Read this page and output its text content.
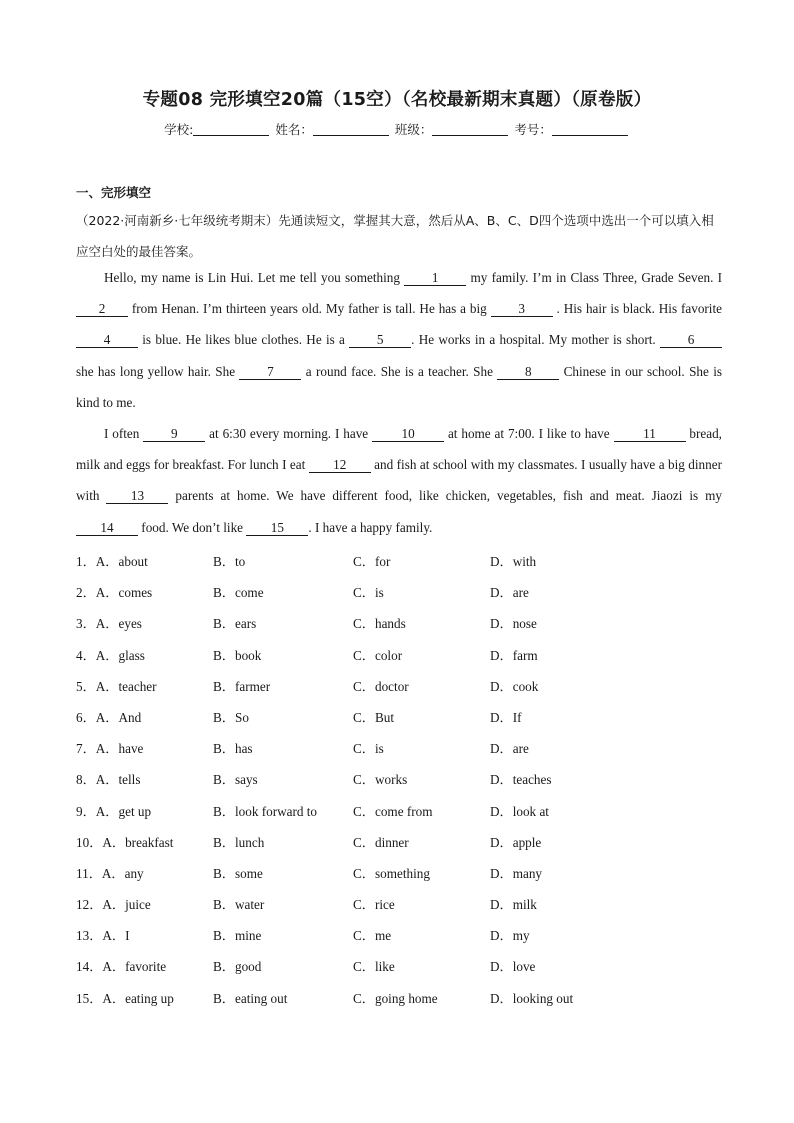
专题08 完形填空20篇（15空）（名校最新期末真题）（原卷版）
学校:	姓名：	班级：	考号：
一、完形填空
（2022·河南新乡·七年级统考期末）先通读短文，掌握其大意，然后从A、B、C、D四个选项中选出一个可以填入相应空白处的最佳答案。

Hello, my name is Lin Hui. Let me tell you something 1 my family. I’m in Class Three, Grade Seven. I 2 from Henan. I’m thirteen years old. My father is tall. He has a big 3 . His hair is black. His favorite 4 is blue. He likes blue clothes. He is a 5 . He works in a hospital. My mother is short. 6 she has long yellow hair. She 7 a round face. She is a teacher. She 8 Chinese in our school. She is kind to me.

I often 9 at 6:30 every morning. I have 10 at home at 7:00. I like to have 11 bread, milk and eggs for breakfast. For lunch I eat 12 and fish at school with my classmates. I usually have a big dinner with 13 parents at home. We have different food, like chicken, vegetables, fish and meat. Jiaozi is my 14 food. We don’t like 15 . I have a happy family.

1．A．about	B．to	C．for	D．with
2．A．comes	B．come	C．is	D．are
3．A．eyes	B．ears	C．hands	D．nose
4．A．glass	B．book	C．color	D．farm
5．A．teacher	B．farmer	C．doctor	D．cook
6．A．And	B．So	C．But	D．If
7．A．have	B．has	C．is	D．are
8．A．tells	B．says	C．works	D．teaches
9．A．get up	B．look forward to	C．come from	D．look at
10．A．breakfast	B．lunch	C．dinner	D．apple
11．A．any	B．some	C．something	D．many
12．A．juice	B．water	C．rice	D．milk
13．A．I	B．mine	C．me	D．my
14．A．favorite	B．good	C．like	D．love
15．A．eating up	B．eating out	C．going home	D．looking out
